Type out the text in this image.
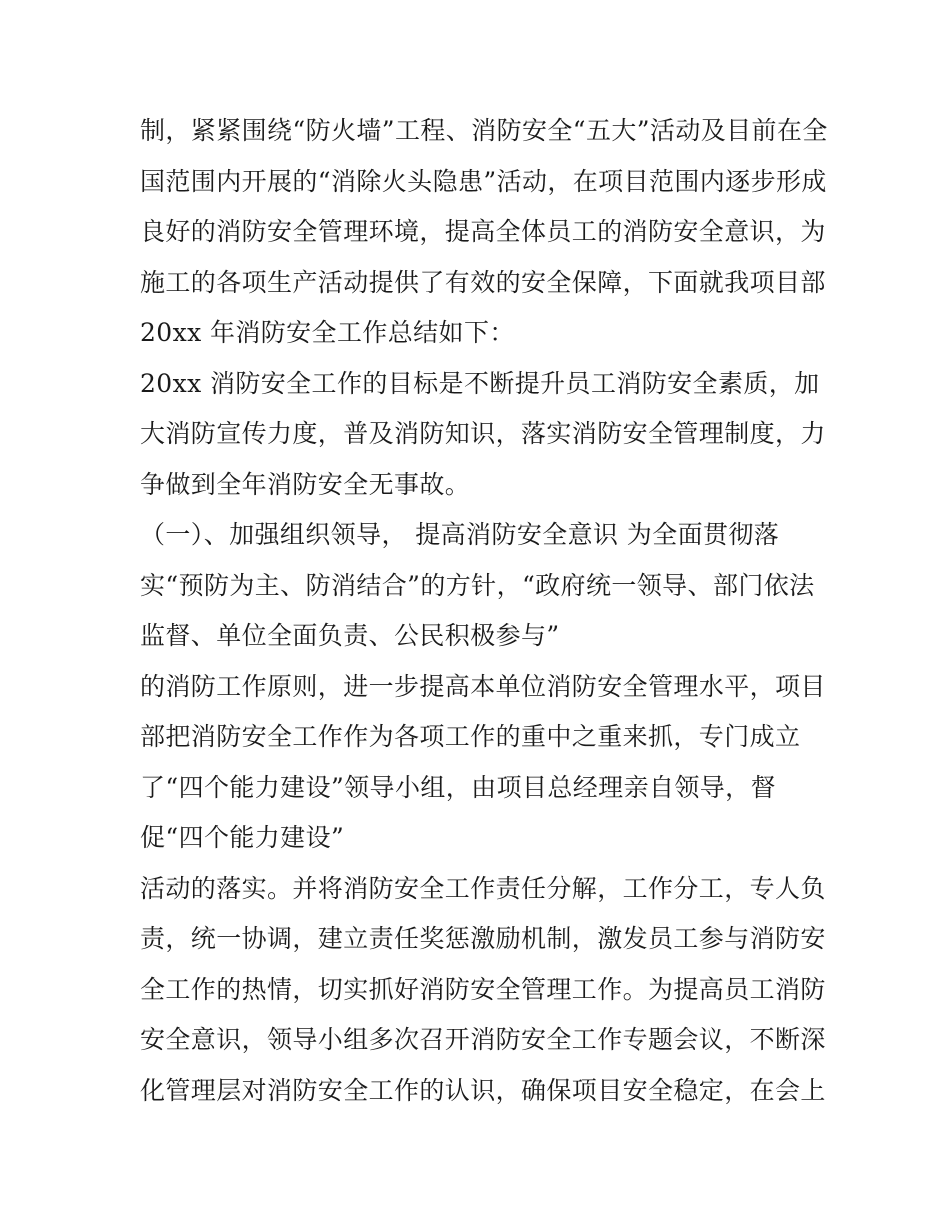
制，紧紧围绕“防火墙”工程、消防安全“五大”活动及目前在全
国范围内开展的“消除火头隐患”活动，在项目范围内逐步形成
良好的消防安全管理环境，提高全体员工的消防安全意识，为
施工的各项生产活动提供了有效的安全保障，下面就我项目部
20xx 年消防安全工作总结如下：
20xx 消防安全工作的目标是不断提升员工消防安全素质，加
大消防宣传力度，普及消防知识，落实消防安全管理制度，力
争做到全年消防安全无事故。
（一）、加强组织领导， 提高消防安全意识 为全面贯彻落
实“预防为主、防消结合”的方针，“政府统一领导、部门依法
监督、单位全面负责、公民积极参与”
的消防工作原则，进一步提高本单位消防安全管理水平，项目
部把消防安全工作作为各项工作的重中之重来抓，专门成立
了“四个能力建设”领导小组，由项目总经理亲自领导，督
促“四个能力建设”
活动的落实。并将消防安全工作责任分解，工作分工，专人负
责，统一协调，建立责任奖惩激励机制，激发员工参与消防安
全工作的热情，切实抓好消防安全管理工作。为提高员工消防
安全意识，领导小组多次召开消防安全工作专题会议，不断深
化管理层对消防安全工作的认识，确保项目安全稳定，在会上
